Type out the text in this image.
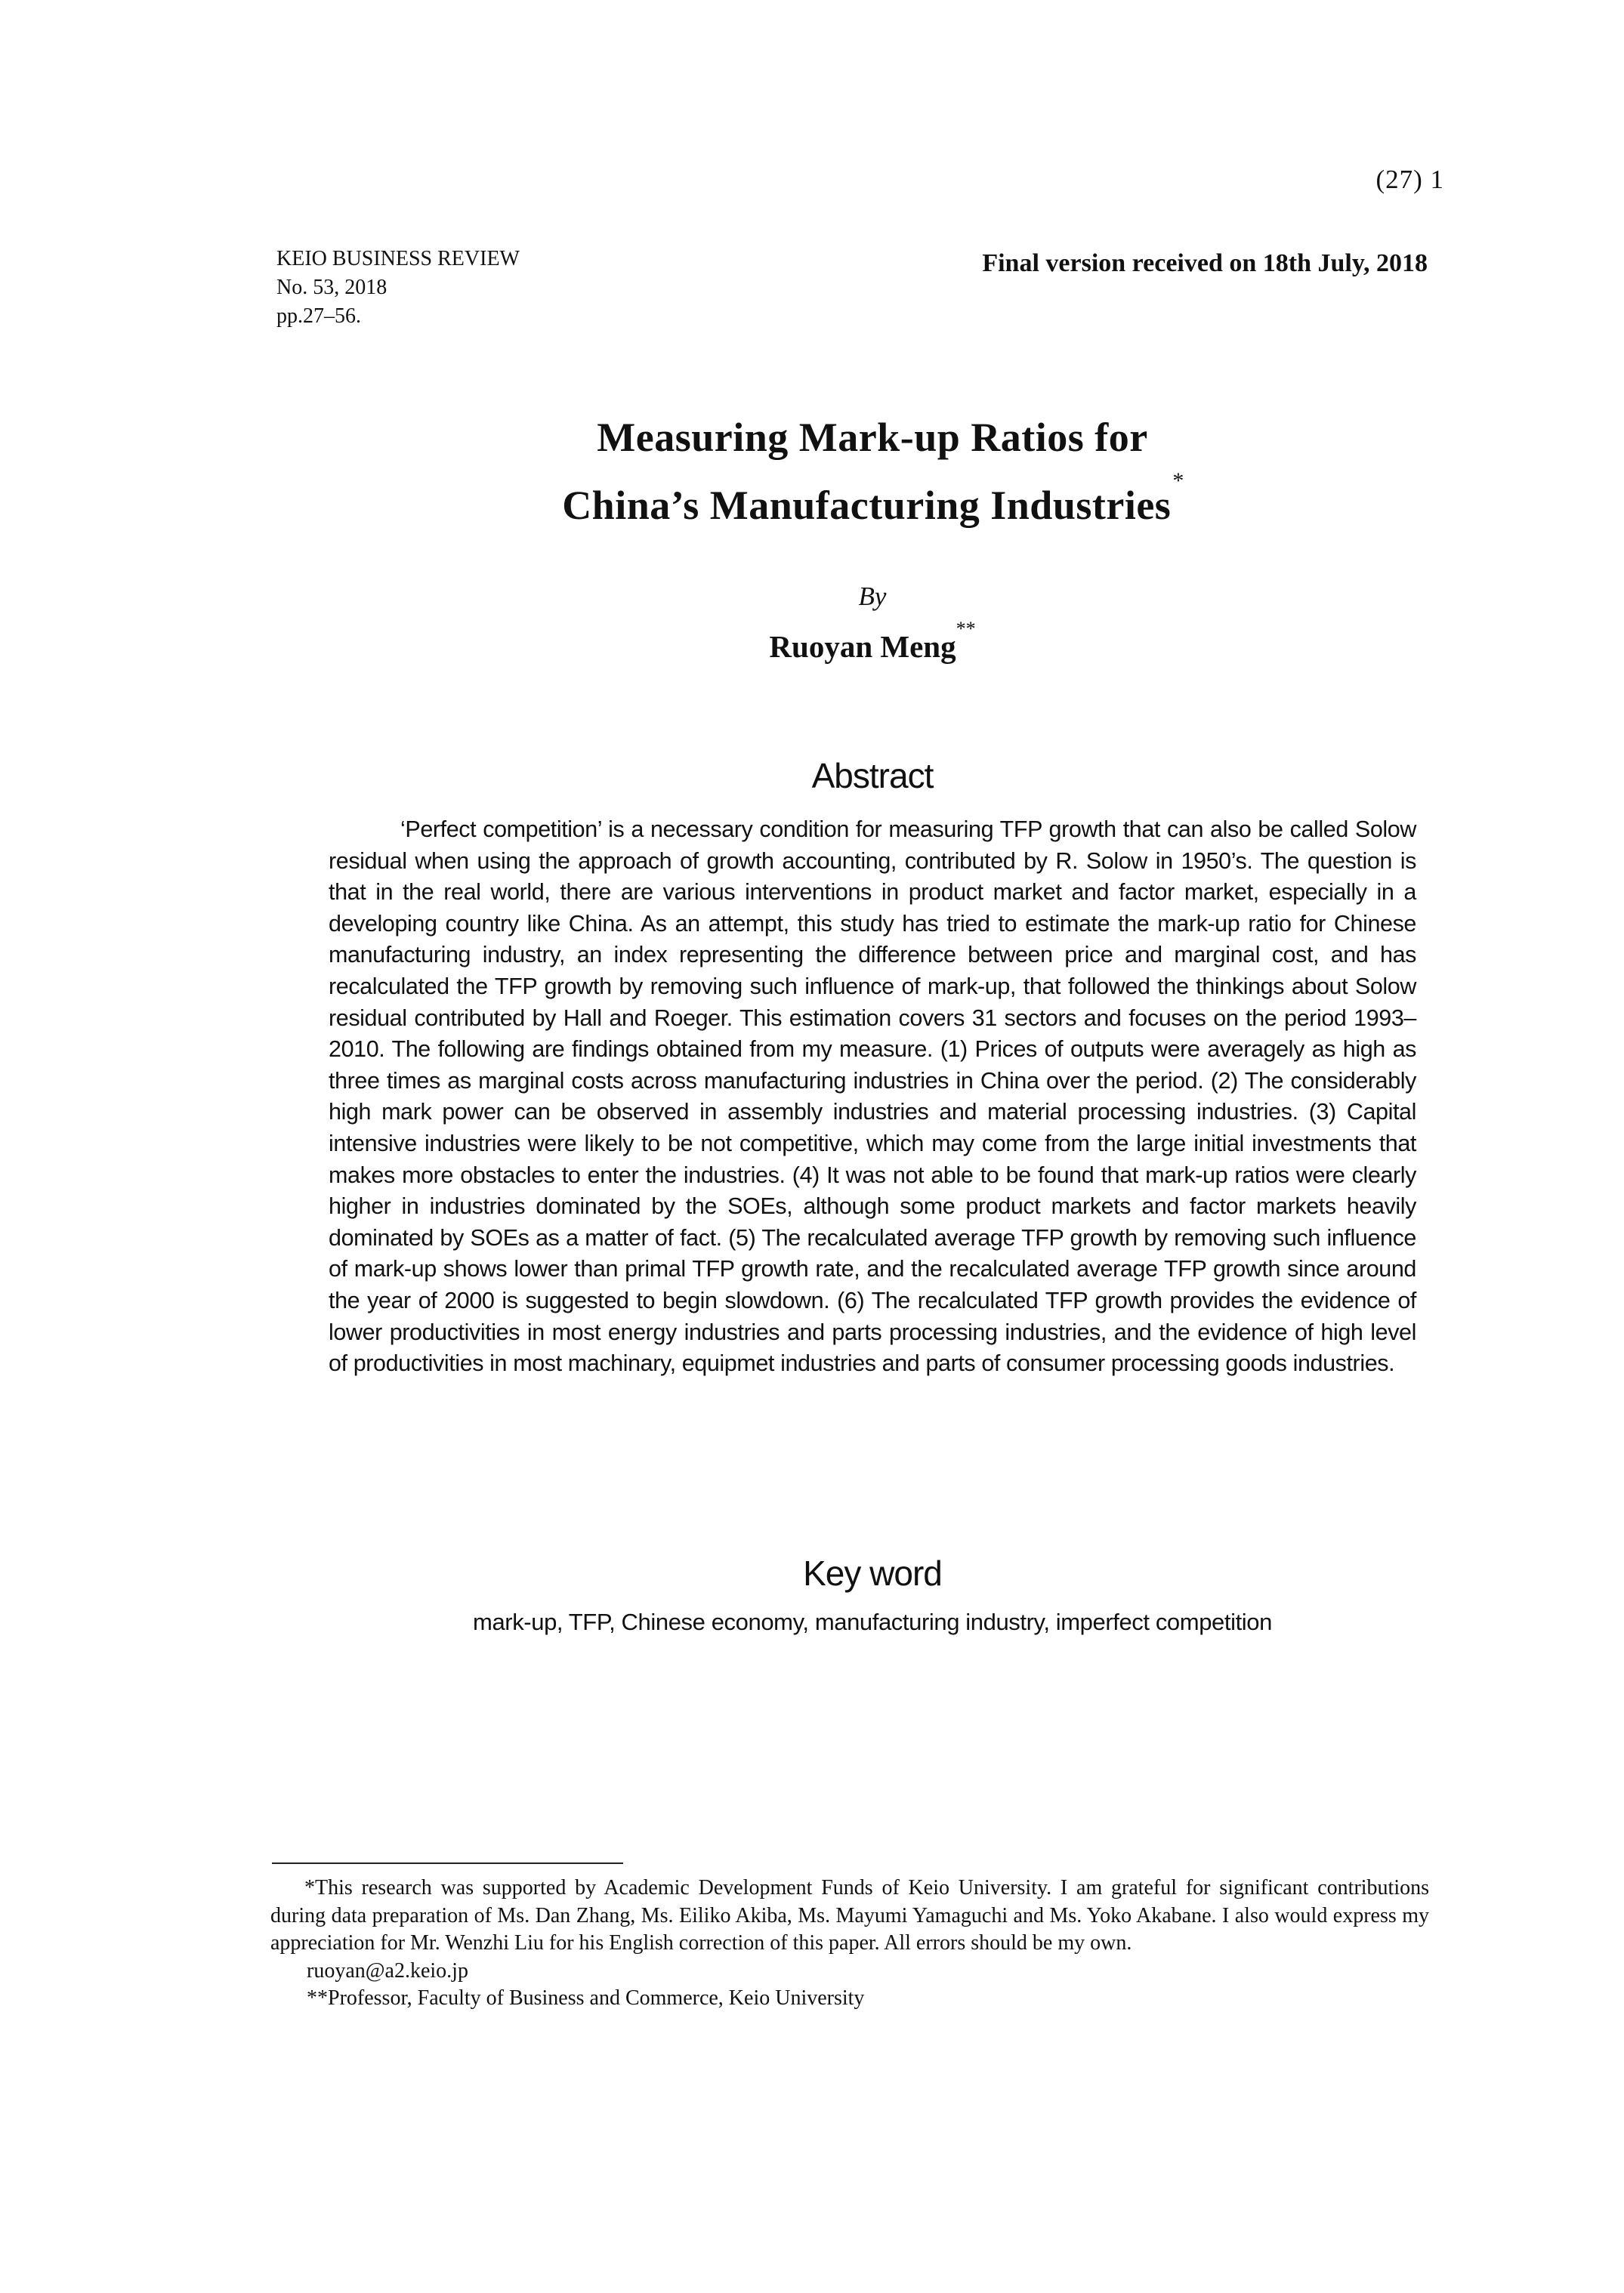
(27) 1
KEIO BUSINESS REVIEW
No. 53, 2018
pp.27–56.
Final version received on 18th July, 2018
Measuring Mark-up Ratios for
China’s Manufacturing Industries*
By
Ruoyan Meng**
Abstract

‘Perfect competition’ is a necessary condition for measuring TFP growth that can also be called Solow residual when using the approach of growth accounting, contributed by R. Solow in 1950’s. The question is that in the real world, there are various interventions in product market and factor market, especially in a developing country like China. As an attempt, this study has tried to estimate the mark-up ratio for Chinese manufacturing industry, an index representing the difference between price and marginal cost, and has recalculated the TFP growth by removing such influence of mark-up, that followed the thinkings about Solow residual contributed by Hall and Roeger. This estimation covers 31 sectors and focuses on the period 1993–2010. The following are findings obtained from my measure. (1) Prices of outputs were averagely as high as three times as marginal costs across manufacturing industries in China over the period. (2) The considerably high mark power can be observed in assembly industries and material processing industries. (3) Capital intensive industries were likely to be not competitive, which may come from the large initial investments that makes more obstacles to enter the industries. (4) It was not able to be found that mark-up ratios were clearly higher in industries dominated by the SOEs, although some product markets and factor markets heavily dominated by SOEs as a matter of fact. (5) The recalculated average TFP growth by removing such influence of mark-up shows lower than primal TFP growth rate, and the recalculated average TFP growth since around the year of 2000 is suggested to begin slowdown. (6) The recalculated TFP growth provides the evidence of lower productivities in most energy industries and parts processing industries, and the evidence of high level of productivities in most machinary, equipmet industries and parts of consumer processing goods industries.

Key word
mark-up, TFP, Chinese economy, manufacturing industry, imperfect competition

*This research was supported by Academic Development Funds of Keio University. I am grateful for significant contributions during data preparation of Ms. Dan Zhang, Ms. Eiliko Akiba, Ms. Mayumi Yamaguchi and Ms. Yoko Akabane. I also would express my appreciation for Mr. Wenzhi Liu for his English correction of this paper. All errors should be my own.

ruoyan@a2.keio.jp

**Professor, Faculty of Business and Commerce, Keio University
